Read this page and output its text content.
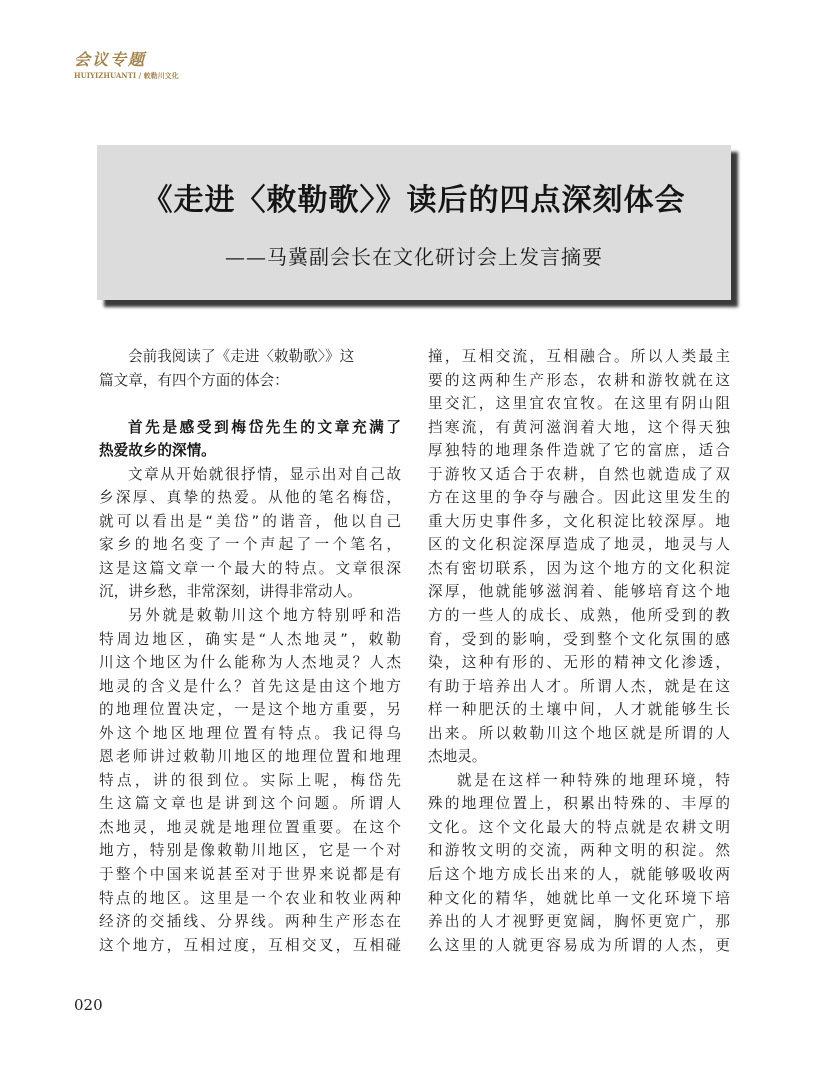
会议专题
HUIYIZHUANTI / 敕勒川文化
《走进〈敕勒歌〉》读后的四点深刻体会
——马冀副会长在文化研讨会上发言摘要
会前我阅读了《走进〈敕勒歌〉》这
篇文章，有四个方面的体会：
首先是感受到梅岱先生的文章充满了
热爱故乡的深情。
文章从开始就很抒情，显示出对自己故
乡深厚、真挚的热爱。从他的笔名梅岱，
就可以看出是“美岱”的谐音，他以自己
家乡的地名变了一个声起了一个笔名，
这是这篇文章一个最大的特点。文章很深
沉，讲乡愁，非常深刻，讲得非常动人。
另外就是敕勒川这个地方特别呼和浩
特周边地区，确实是“人杰地灵”，敕勒
川这个地区为什么能称为人杰地灵？人杰
地灵的含义是什么？首先这是由这个地方
的地理位置决定，一是这个地方重要，另
外这个地区地理位置有特点。我记得乌
恩老师讲过敕勒川地区的地理位置和地理
特点，讲的很到位。实际上呢，梅岱先
生这篇文章也是讲到这个问题。所谓人
杰地灵，地灵就是地理位置重要。在这个
地方，特别是像敕勒川地区，它是一个对
于整个中国来说甚至对于世界来说都是有
特点的地区。这里是一个农业和牧业两种
经济的交插线、分界线。两种生产形态在
这个地方，互相过度，互相交叉，互相碰
撞，互相交流，互相融合。所以人类最主
要的这两种生产形态，农耕和游牧就在这
里交汇，这里宜农宜牧。在这里有阴山阻
挡寒流，有黄河滋润着大地，这个得天独
厚独特的地理条件造就了它的富庶，适合
于游牧又适合于农耕，自然也就造成了双
方在这里的争夺与融合。因此这里发生的
重大历史事件多，文化积淀比较深厚。地
区的文化积淀深厚造成了地灵，地灵与人
杰有密切联系，因为这个地方的文化积淀
深厚，他就能够滋润着、能够培育这个地
方的一些人的成长、成熟，他所受到的教
育，受到的影响，受到整个文化氛围的感
染，这种有形的、无形的精神文化渗透，
有助于培养出人才。所谓人杰，就是在这
样一种肥沃的土壤中间，人才就能够生长
出来。所以敕勒川这个地区就是所谓的人
杰地灵。
就是在这样一种特殊的地理环境，特
殊的地理位置上，积累出特殊的、丰厚的
文化。这个文化最大的特点就是农耕文明
和游牧文明的交流，两种文明的积淀。然
后这个地方成长出来的人，就能够吸收两
种文化的精华，她就比单一文化环境下培
养出的人才视野更宽阔，胸怀更宽广，那
么这里的人就更容易成为所谓的人杰，更
020
